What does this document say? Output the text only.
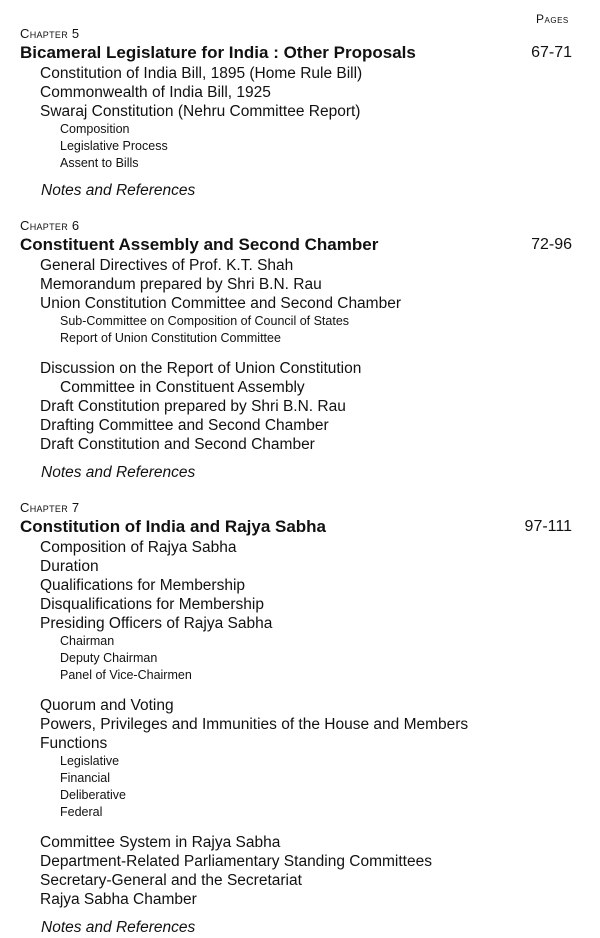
Pages
Chapter 5
Bicameral Legislature for India : Other Proposals	67-71
Constitution of India Bill, 1895 (Home Rule Bill)
Commonwealth of India Bill, 1925
Swaraj Constitution (Nehru Committee Report)
Composition
Legislative Process
Assent to Bills
Notes and References
Chapter 6
Constituent Assembly and Second Chamber	72-96
General Directives of Prof. K.T. Shah
Memorandum prepared by Shri B.N. Rau
Union Constitution Committee and Second Chamber
Sub-Committee on Composition of Council of States
Report of Union Constitution Committee
Discussion on the Report of Union Constitution
Committee in Constituent Assembly
Draft Constitution prepared by Shri B.N. Rau
Drafting Committee and Second Chamber
Draft Constitution and Second Chamber
Notes and References
Chapter 7
Constitution of India and Rajya Sabha	97-111
Composition of Rajya Sabha
Duration
Qualifications for Membership
Disqualifications for Membership
Presiding Officers of Rajya Sabha
Chairman
Deputy Chairman
Panel of Vice-Chairmen
Quorum and Voting
Powers, Privileges and Immunities of the House and Members
Functions
Legislative
Financial
Deliberative
Federal
Committee System in Rajya Sabha
Department-Related Parliamentary Standing Committees
Secretary-General and the Secretariat
Rajya Sabha Chamber
Notes and References
